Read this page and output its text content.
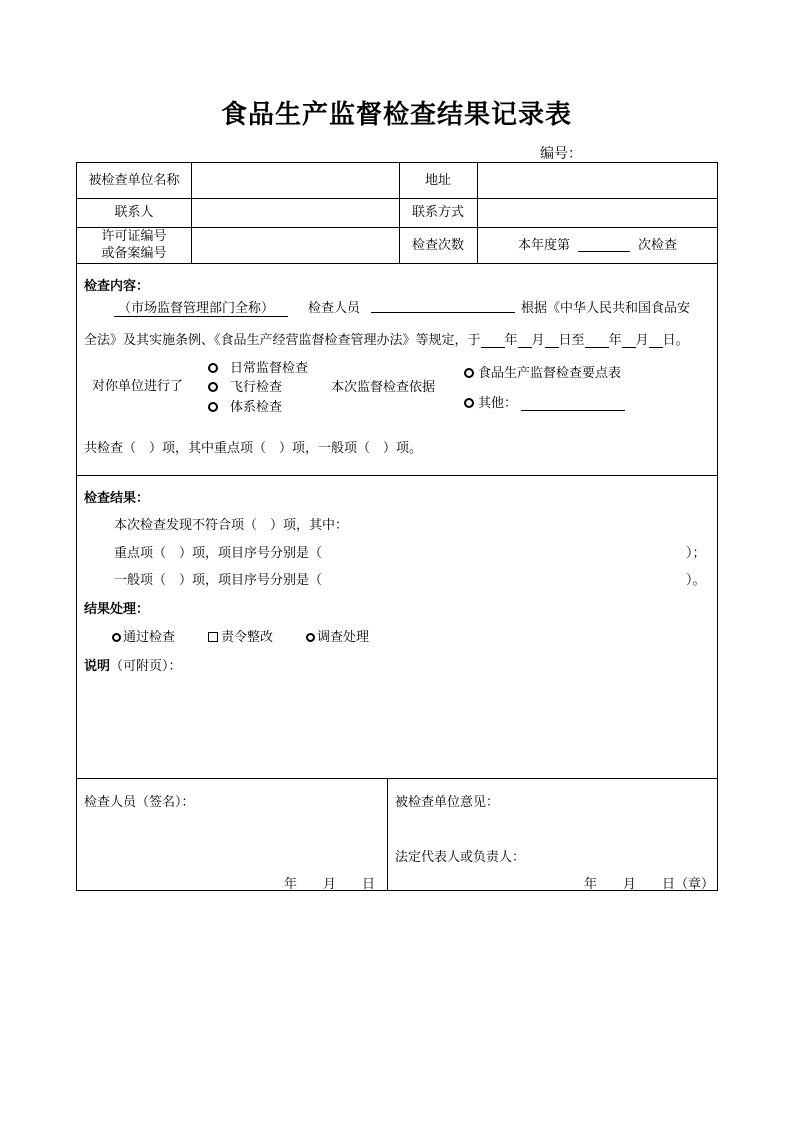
食品生产监督检查结果记录表
编号：
被检查单位名称	地址
联系人	联系方式
许可证编号
或备案编号
检查次数	本年度第	次检查
检查内容：
（市场监督管理部门全称）	检查人员	根据《中华人民共和国食品安
全法》及其实施条例、《食品生产经营监督检查管理办法》等规定，于 年 月 日至 年 月 日。
对你单位进行了
日常监督检查
飞行检查
体系检查
本次监督检查依据
食品生产监督检查要点表
其他：
共检查（　）项，其中重点项（　）项，一般项（　）项。
检查结果：
本次检查发现不符合项（　）项，其中：
重点项（　）项，项目序号分别是（	）；
一般项（　）项，项目序号分别是（	）。
结果处理：
通过检查	责令整改	调查处理
说明（可附页）：
检查人员（签名）：
年　　月　　日
被检查单位意见：
法定代表人或负责人：
年　　月　　日（章）
